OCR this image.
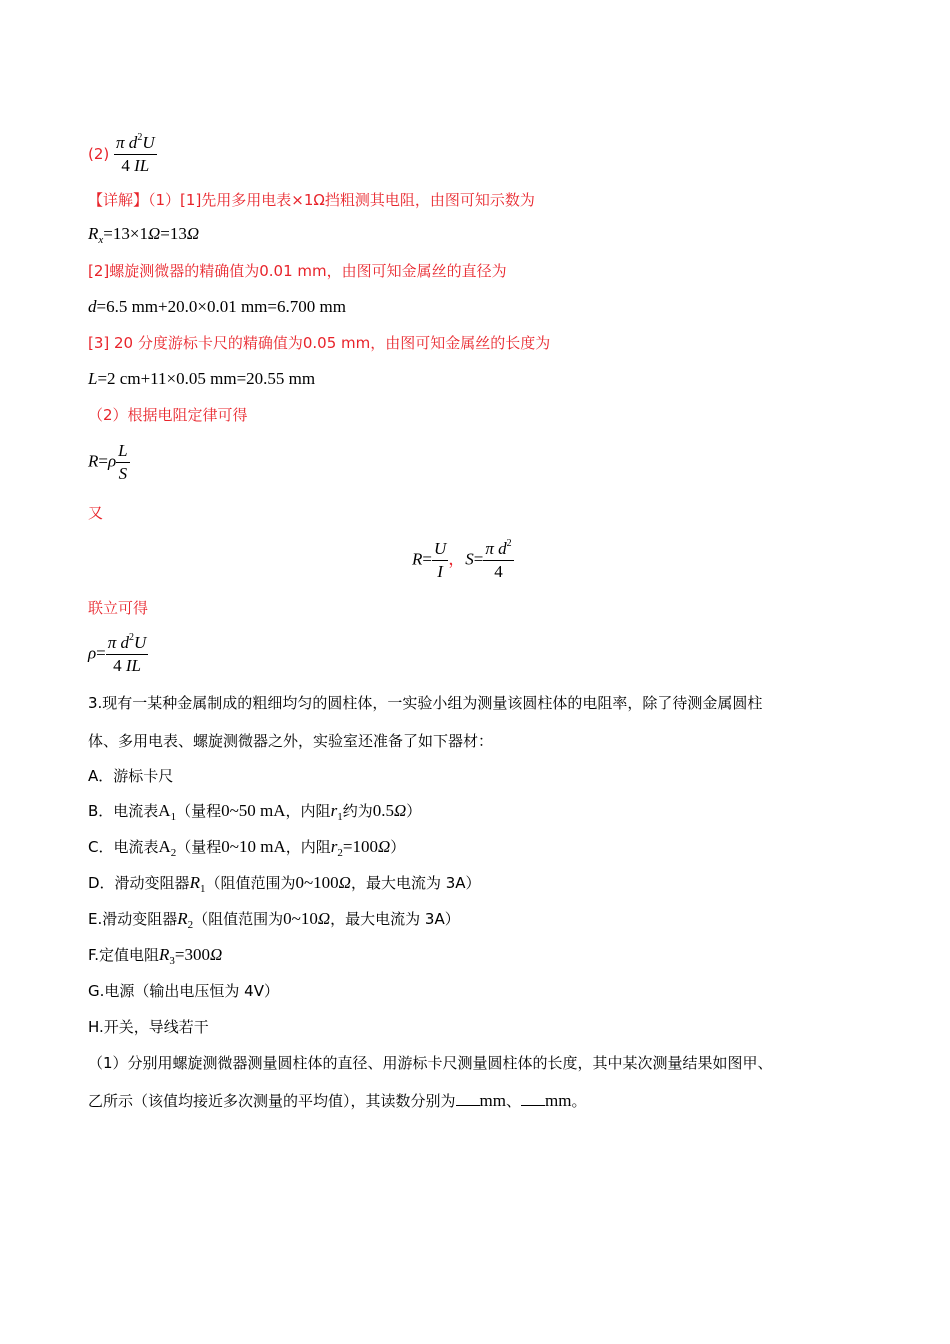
$(2) \frac{\pi d^2U}{4 IL}$
【详解】（1）[1]先用多用电表×1Ω挡粗测其电阻，由图可知示数为
$R_x=13\times 1\Omega=13\Omega$
[2]螺旋测微器的精确值为0.01 mm，由图可知金属丝的直径为
d=6.5 mm+20.0×0.01 mm=6.700 mm
[3] 20 分度游标卡尺的精确值为0.05 mm，由图可知金属丝的长度为
L=2 cm+11×0.05 mm=20.55 mm
（2）根据电阻定律可得
$R=\rho \frac{L}{S}$
又
$R= \frac{U}{I}$ ，$S= \frac{\pi d^2}{4}$
联立可得
$\rho= \frac{\pi d^2U}{4 IL}$
3.现有一某种金属制成的粗细均匀的圆柱体，一实验小组为测量该圆柱体的电阻率，除了待测金属圆柱
体、多用电表、螺旋测微器之外，实验室还准备了如下器材：
A．游标卡尺
B．电流表$A_1$（量程0~50 mA，内阻$r_1$约为0.5Ω）
C．电流表$A_2$（量程0~10 mA，内阻$r_2=100\Omega$）
D．滑动变阻器$R_1$（阻值范围为0~100Ω，最大电流为 3A）
E.滑动变阻器$R_2$（阻值范围为0~10Ω，最大电流为 3A）
F.定值电阻$R_3=300\Omega$
G.电源（输出电压恒为 4V）
H.开关，导线若干
（1）分别用螺旋测微器测量圆柱体的直径、用游标卡尺测量圆柱体的长度，其中某次测量结果如图甲、
乙所示（该值均接近多次测量的平均值），其读数分别为 mm、 mm。
